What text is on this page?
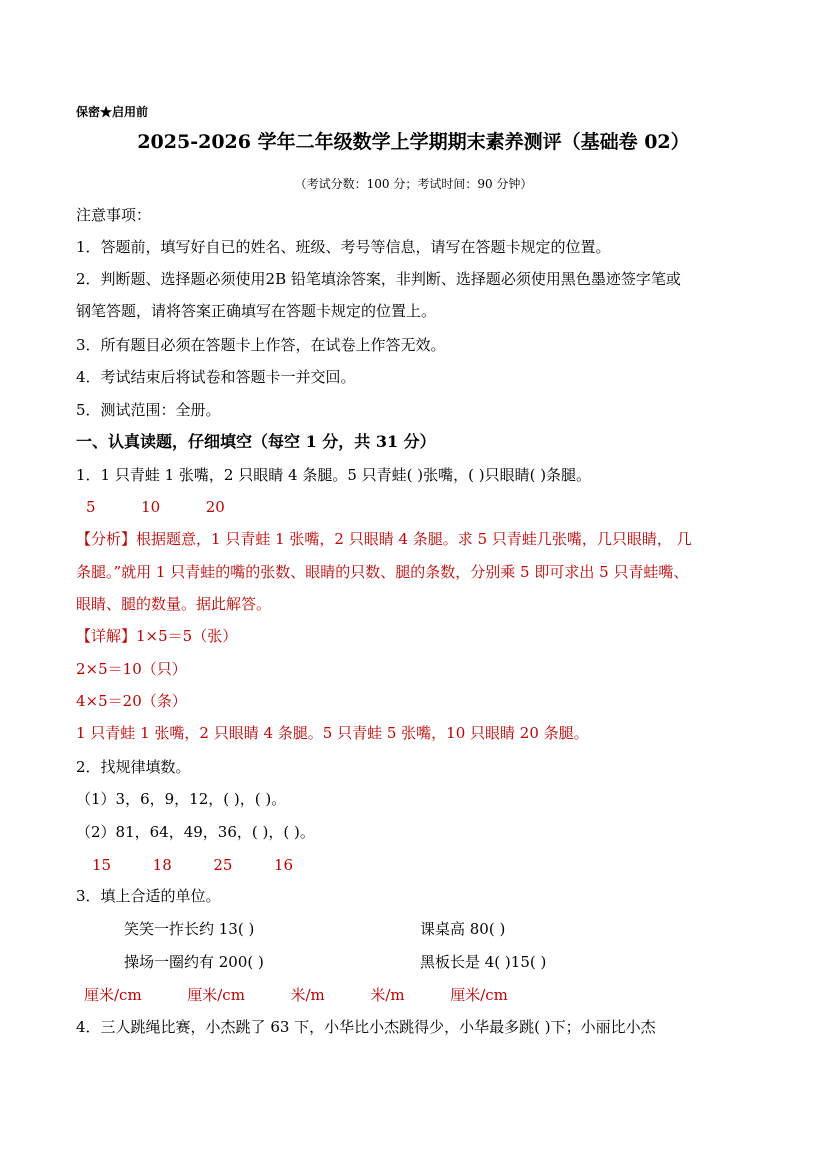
保密★启用前
2025-2026 学年二年级数学上学期期末素养测评（基础卷 02）
（考试分数：100 分；考试时间：90 分钟）
注意事项：
1．答题前，填写好自已的姓名、班级、考号等信息，请写在答题卡规定的位置。
2．判断题、选择题必须使用2B 铅笔填涂答案，非判断、选择题必须使用黑色墨迹签字笔或
钢笔答题，请将答案正确填写在答题卡规定的位置上。
3．所有题目必须在答题卡上作答，在试卷上作答无效。
4．考试结束后将试卷和答题卡一并交回。
5．测试范围：全册。
一、认真读题，仔细填空（每空 1 分，共 31 分）
1．1 只青蛙 1 张嘴，2 只眼睛 4 条腿。5 只青蛙( )张嘴，( )只眼睛( )条腿。
5	10	20
【分析】根据题意，1 只青蛙 1 张嘴，2 只眼睛 4 条腿。求 5 只青蛙几张嘴，几只眼睛， 几
条腿。”就用 1 只青蛙的嘴的张数、眼睛的只数、腿的条数，分别乘 5 即可求出 5 只青蛙嘴、
眼睛、腿的数量。据此解答。
【详解】1×5＝5（张）
2×5＝10（只）
4×5＝20（条）
1 只青蛙 1 张嘴，2 只眼睛 4 条腿。5 只青蛙 5 张嘴，10 只眼睛 20 条腿。
2．找规律填数。
（1）3，6，9，12，( )，( )。
（2）81，64，49，36，( )，( )。
15	18	25	16
3．填上合适的单位。
笑笑一拃长约 13( )	课桌高 80( )
操场一圈约有 200( )	黑板长是 4( )15( )
厘米/cm	厘米/cm	米/m	米/m	厘米/cm
4．三人跳绳比赛，小杰跳了 63 下，小华比小杰跳得少，小华最多跳( )下；小丽比小杰
